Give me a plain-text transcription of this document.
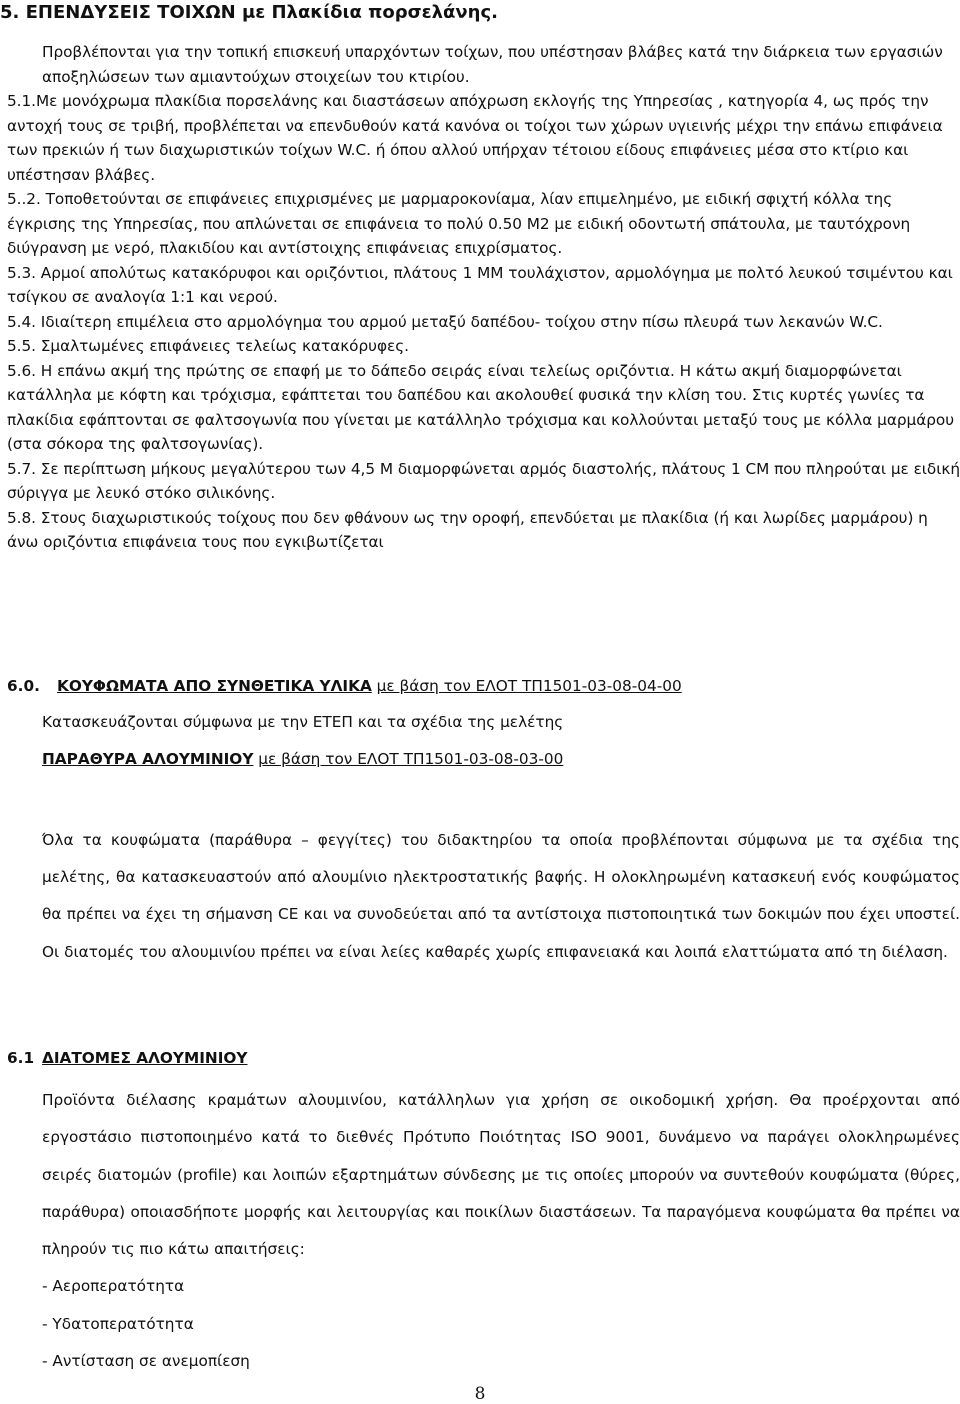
5. ΕΠΕΝΔΥΣΕΙΣ ΤΟΙΧΩΝ με Πλακίδια πορσελάνης.

Προβλέπονται για την τοπική επισκευή υπαρχόντων τοίχων, που υπέστησαν βλάβες κατά την διάρκεια των εργασιών αποξηλώσεων των αμιαντούχων στοιχείων του κτιρίου.

5.1.Με μονόχρωμα πλακίδια πορσελάνης και διαστάσεων απόχρωση εκλογής της Υπηρεσίας , κατηγορία 4, ως πρός την αντοχή τους σε τριβή, προβλέπεται να επενδυθούν κατά κανόνα οι τοίχοι των χώρων υγιεινής μέχρι την επάνω επιφάνεια των πρεκιών ή των διαχωριστικών τοίχων W.C. ή όπου αλλού υπήρχαν τέτοιου είδους επιφάνειες μέσα στο κτίριο και υπέστησαν βλάβες.

5..2. Τοποθετούνται σε επιφάνειες επιχρισμένες με μαρμαροκονίαμα, λίαν επιμελημένο, με ειδική σφιχτή κόλλα της έγκρισης της Υπηρεσίας, που απλώνεται σε επιφάνεια το πολύ 0.50 Μ2 με ειδική οδοντωτή σπάτουλα, με ταυτόχρονη διύγρανση με νερό, πλακιδίου και αντίστοιχης επιφάνειας επιχρίσματος.

5.3. Αρμοί απολύτως κατακόρυφοι και οριζόντιοι, πλάτους 1 ΜΜ τουλάχιστον, αρμολόγημα με πολτό λευκού τσιμέντου και τσίγκου σε αναλογία 1:1 και νερού.

5.4. Ιδιαίτερη επιμέλεια στο αρμολόγημα του αρμού μεταξύ δαπέδου- τοίχου στην πίσω πλευρά των λεκανών W.C.

5.5. Σμαλτωμένες επιφάνειες τελείως κατακόρυφες.

5.6. Η επάνω ακμή της πρώτης σε επαφή με το δάπεδο σειράς είναι τελείως οριζόντια. Η κάτω ακμή διαμορφώνεται κατάλληλα με κόφτη και τρόχισμα, εφάπτεται του δαπέδου και ακολουθεί φυσικά την κλίση του. Στις κυρτές γωνίες τα πλακίδια εφάπτονται σε φαλτσογωνία που γίνεται με κατάλληλο τρόχισμα και κολλούνται μεταξύ τους με κόλλα μαρμάρου (στα σόκορα της φαλτσογωνίας).

5.7. Σε περίπτωση μήκους μεγαλύτερου των 4,5 Μ διαμορφώνεται αρμός διαστολής, πλάτους 1 CM που πληρούται με ειδική σύριγγα με λευκό στόκο σιλικόνης.

5.8. Στους διαχωριστικούς τοίχους που δεν φθάνουν ως την οροφή, επενδύεται με πλακίδια (ή και λωρίδες μαρμάρου) η άνω οριζόντια επιφάνεια τους που εγκιβωτίζεται

6.0. ΚΟΥΦΩΜΑΤΑ ΑΠΟ ΣΥΝΘΕΤΙΚΑ ΥΛΙΚΑ με βάση τον ΕΛΟΤ ΤΠ1501-03-08-04-00
Κατασκευάζονται σύμφωνα με την ΕΤΕΠ και τα σχέδια της μελέτης
ΠΑΡΑΘΥΡΑ ΑΛΟΥΜΙΝΙΟΥ με βάση τον ΕΛΟΤ ΤΠ1501-03-08-03-00

Όλα τα κουφώματα (παράθυρα – φεγγίτες) του διδακτηρίου τα οποία προβλέπονται σύμφωνα με τα σχέδια της μελέτης, θα κατασκευαστούν από αλουμίνιο ηλεκτροστατικής βαφής. Η ολοκληρωμένη κατασκευή ενός κουφώματος θα πρέπει να έχει τη σήμανση CE και να συνοδεύεται από τα αντίστοιχα πιστοποιητικά των δοκιμών που έχει υποστεί. Οι διατομές του αλουμινίου πρέπει να είναι λείες καθαρές χωρίς επιφανειακά και λοιπά ελαττώματα από τη διέλαση.

6.1 ΔΙΑΤΟΜΕΣ ΑΛΟΥΜΙΝΙΟΥ

Προϊόντα διέλασης κραμάτων αλουμινίου, κατάλληλων για χρήση σε οικοδομική χρήση. Θα προέρχονται από εργοστάσιο πιστοποιημένο κατά το διεθνές Πρότυπο Ποιότητας ISO 9001, δυνάμενο να παράγει ολοκληρωμένες σειρές διατομών (profile) και λοιπών εξαρτημάτων σύνδεσης με τις οποίες μπορούν να συντεθούν κουφώματα (θύρες, παράθυρα) οποιασδήποτε μορφής και λειτουργίας και ποικίλων διαστάσεων. Τα παραγόμενα κουφώματα θα πρέπει να πληρούν τις πιο κάτω απαιτήσεις:

- Αεροπερατότητα
- Υδατοπερατότητα
- Αντίσταση σε ανεμοπίεση
8
